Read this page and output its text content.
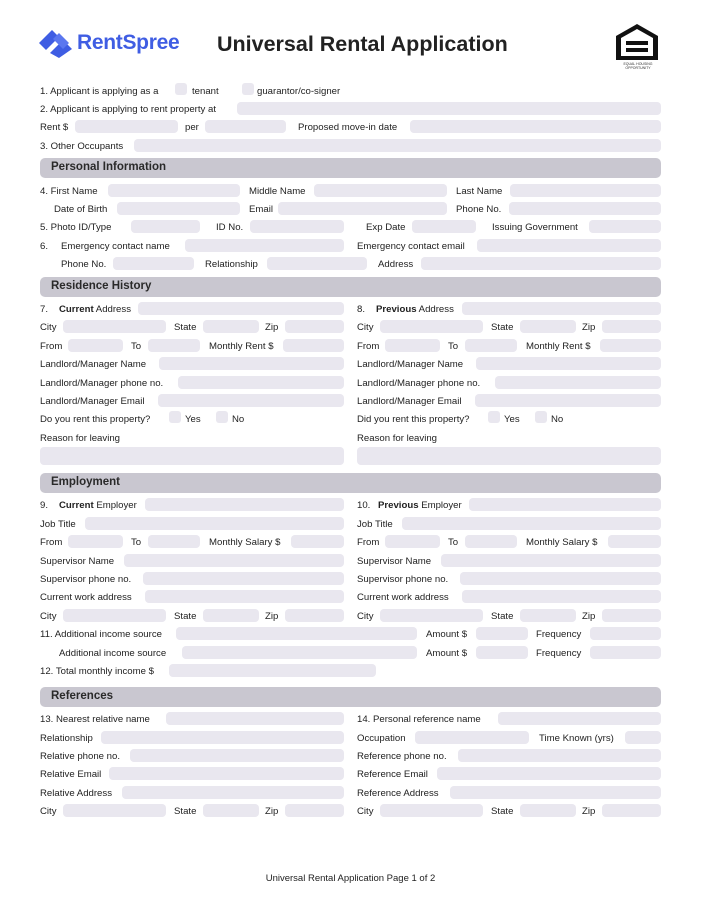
RentSpree Universal Rental Application
EQUAL HOUSING OPPORTUNITY
1. Applicant is applying as a	tenant	guarantor/co-signer
2. Applicant is applying to rent property at
Rent $	per	Proposed move-in date
3. Other Occupants
Personal Information
4. First Name	Middle Name	Last Name
Date of Birth	Email	Phone No.
5. Photo ID/Type	ID No.	Exp Date	Issuing Government
6. Emergency contact name	Emergency contact email
Phone No.	Relationship	Address
Residence History
7. Current Address
City	State	Zip
From	To	Monthly Rent $
Landlord/Manager Name
Landlord/Manager phone no.
Landlord/Manager Email
Do you rent this property?	Yes	No
Reason for leaving
8. Previous Address
City	State	Zip
From	To	Monthly Rent $
Landlord/Manager Name
Landlord/Manager phone no.
Landlord/Manager Email
Did you rent this property?	Yes	No
Reason for leaving
Employment
9. Current Employer
Job Title
From	To	Monthly Salary $
Supervisor Name
Supervisor phone no.
Current work address
City	State	Zip
10. Previous Employer
Job Title
From	To	Monthly Salary $
Supervisor Name
Supervisor phone no.
Current work address
City	State	Zip
11. Additional income source	Amount $	Frequency
Additional income source	Amount $	Frequency
12. Total monthly income $
References
13. Nearest relative name
Relationship
Relative phone no.
Relative Email
Relative Address
City	State	Zip
14. Personal reference name
Occupation	Time Known (yrs)
Reference phone no.
Reference Email
Reference Address
City	State	Zip
Universal Rental Application Page 1 of 2
